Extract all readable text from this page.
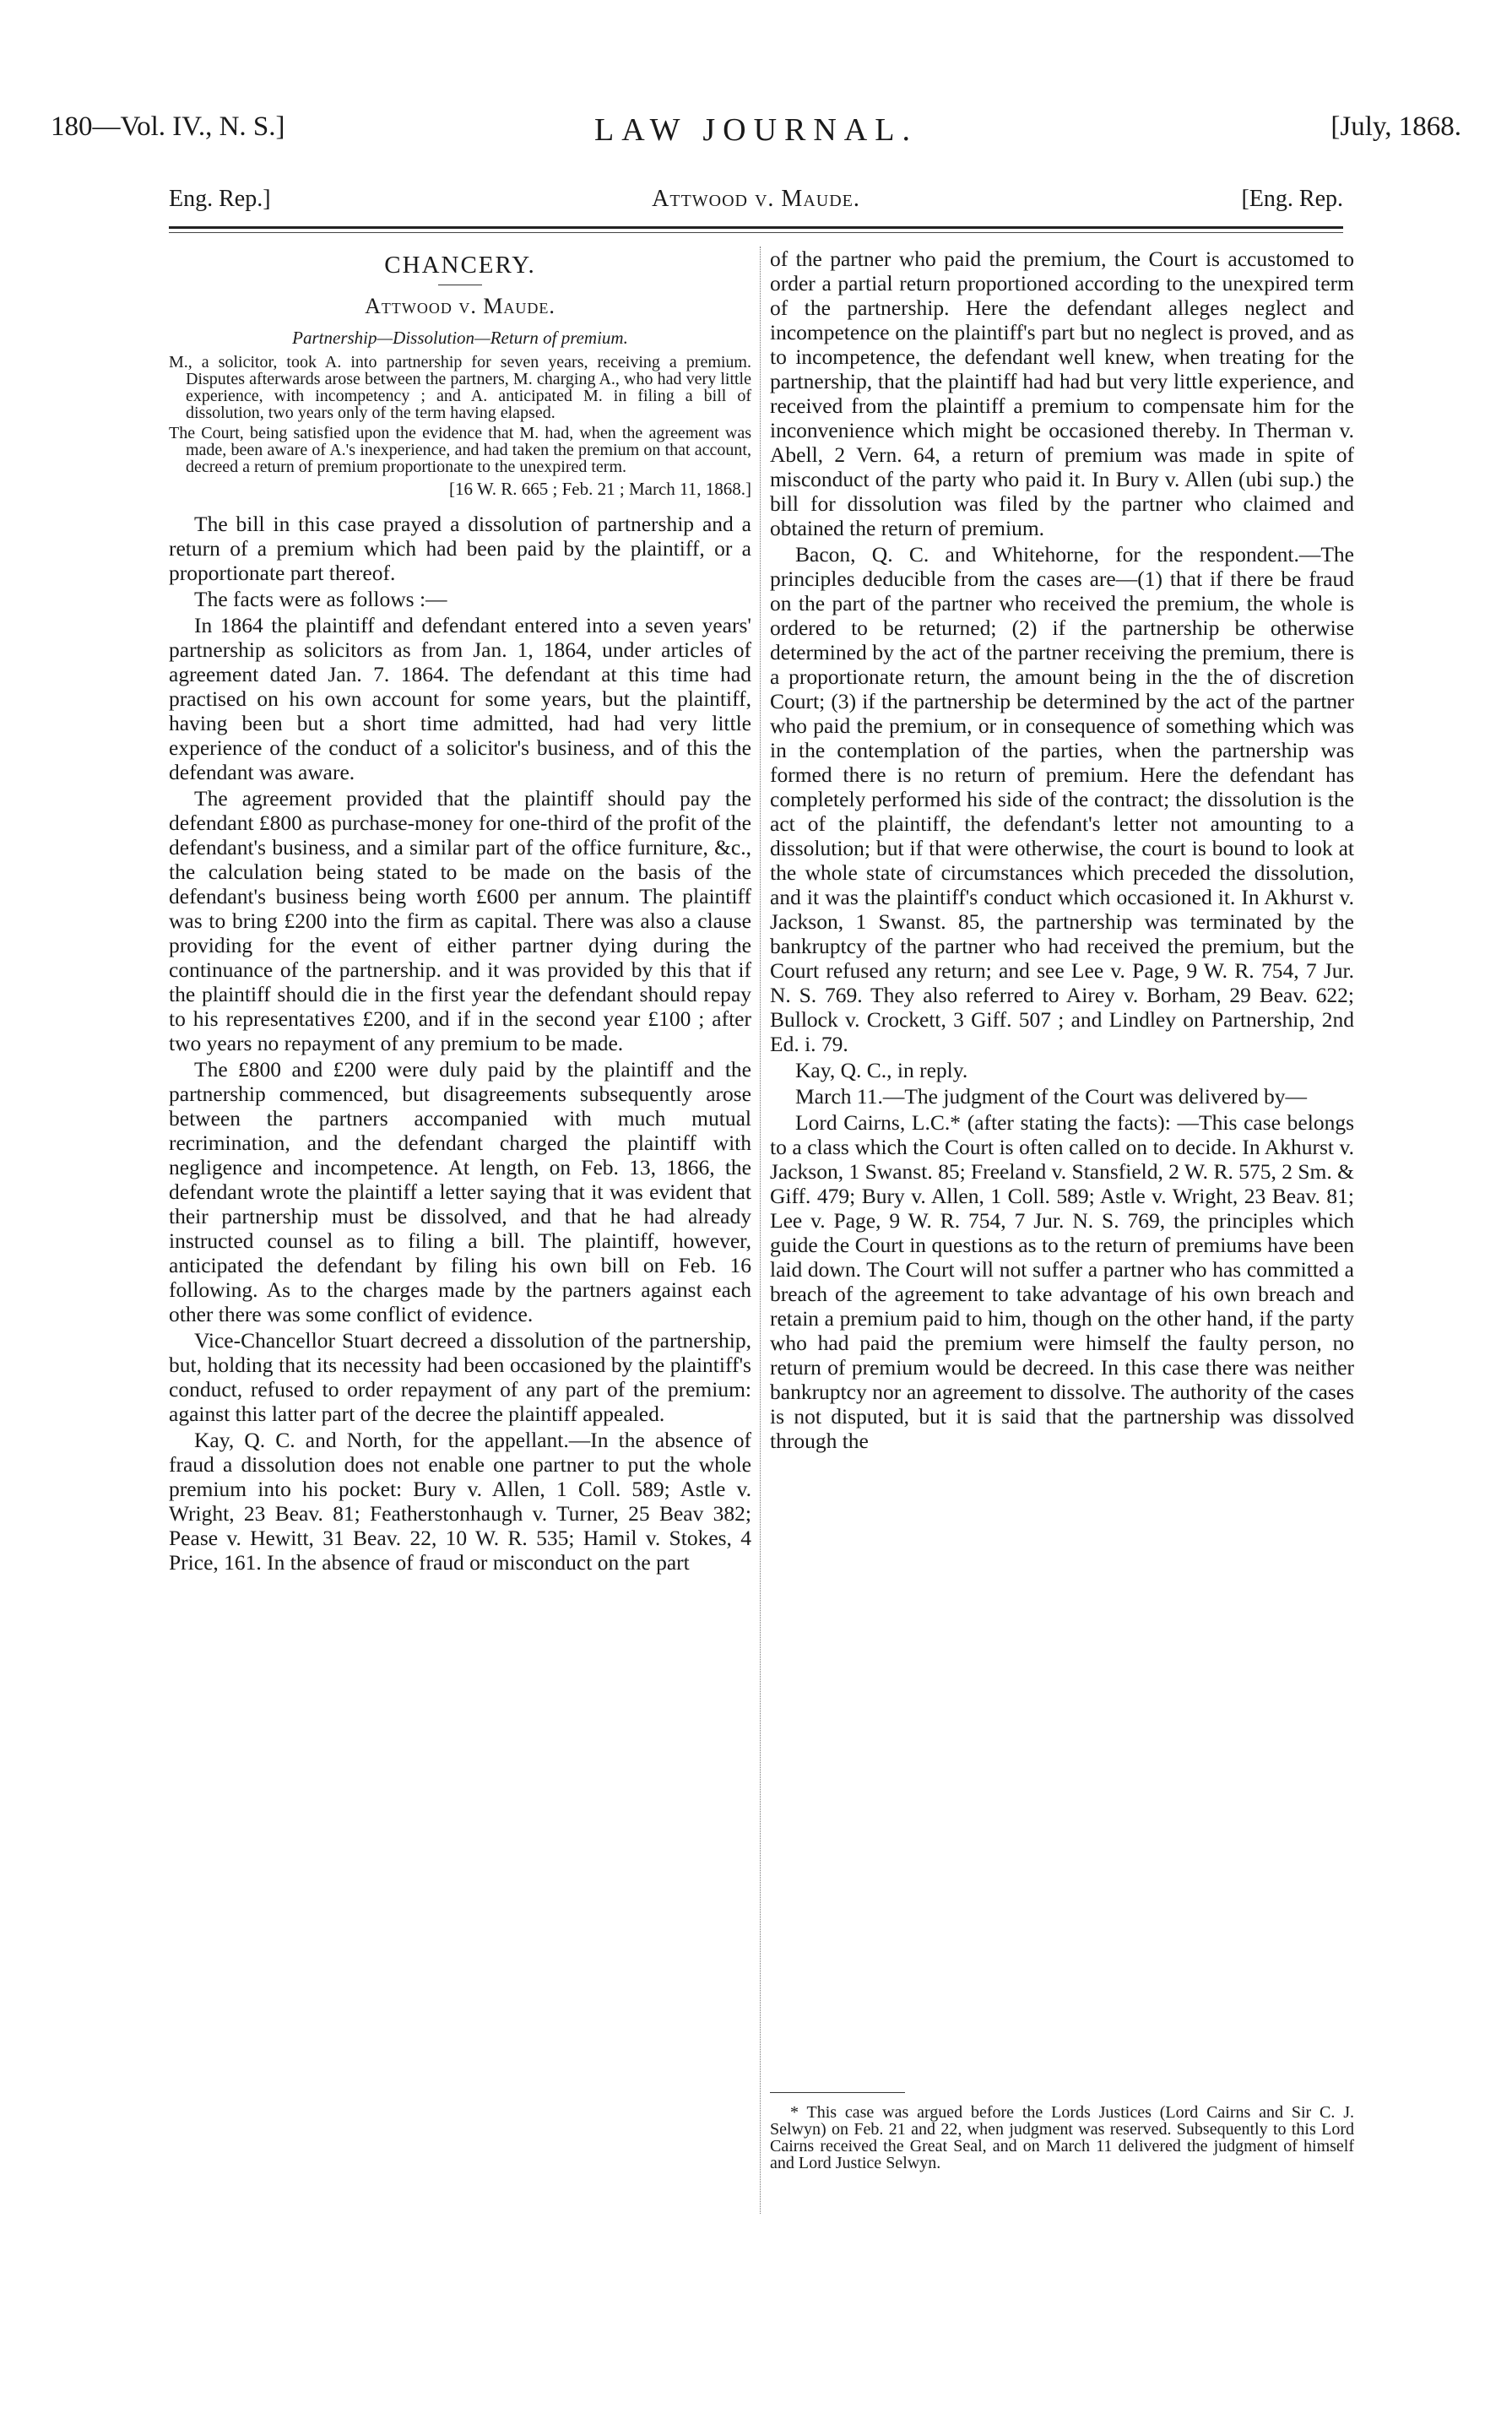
180—Vol. IV., N. S.]	LAW JOURNAL.	[July, 1868.
Eng. Rep.]	Attwood v. Maude.	[Eng. Rep.
CHANCERY.
Attwood v. Maude.
Partnership—Dissolution—Return of premium.

M., a solicitor, took A. into partnership for seven years, receiving a premium. Disputes afterwards arose between the partners, M. charging A., who had very little experience, with incompetency ; and A. anticipated M. in filing a bill of dissolution, two years only of the term having elapsed.

The Court, being satisfied upon the evidence that M. had, when the agreement was made, been aware of A.'s inexperience, and had taken the premium on that account, decreed a return of premium proportionate to the unexpired term.

[16 W. R. 665 ; Feb. 21 ; March 11, 1868.]

The bill in this case prayed a dissolution of partnership and a return of a premium which had been paid by the plaintiff, or a proportionate part thereof.

The facts were as follows :—

In 1864 the plaintiff and defendant entered into a seven years' partnership as solicitors as from Jan. 1, 1864, under articles of agreement dated Jan. 7. 1864. The defendant at this time had practised on his own account for some years, but the plaintiff, having been but a short time admitted, had had very little experience of the conduct of a solicitor's business, and of this the defendant was aware.

The agreement provided that the plaintiff should pay the defendant £800 as purchase-money for one-third of the profit of the defendant's business, and a similar part of the office furniture, &c., the calculation being stated to be made on the basis of the defendant's business being worth £600 per annum. The plaintiff was to bring £200 into the firm as capital. There was also a clause providing for the event of either partner dying during the continuance of the partnership. and it was provided by this that if the plaintiff should die in the first year the defendant should repay to his representatives £200, and if in the second year £100 ; after two years no repayment of any premium to be made.

The £800 and £200 were duly paid by the plaintiff and the partnership commenced, but disagreements subsequently arose between the partners accompanied with much mutual recrimination, and the defendant charged the plaintiff with negligence and incompetence. At length, on Feb. 13, 1866, the defendant wrote the plaintiff a letter saying that it was evident that their partnership must be dissolved, and that he had already instructed counsel as to filing a bill. The plaintiff, however, anticipated the defendant by filing his own bill on Feb. 16 following. As to the charges made by the partners against each other there was some conflict of evidence.

Vice-Chancellor Stuart decreed a dissolution of the partnership, but, holding that its necessity had been occasioned by the plaintiff's conduct, refused to order repayment of any part of the premium: against this latter part of the decree the plaintiff appealed.

Kay, Q. C. and North, for the appellant.—In the absence of fraud a dissolution does not enable one partner to put the whole premium into his pocket: Bury v. Allen, 1 Coll. 589; Astle v. Wright, 23 Beav. 81; Featherstonhaugh v. Turner, 25 Beav 382; Pease v. Hewitt, 31 Beav. 22, 10 W. R. 535; Hamil v. Stokes, 4 Price, 161. In the absence of fraud or misconduct on the part

of the partner who paid the premium, the Court is accustomed to order a partial return proportioned according to the unexpired term of the partnership. Here the defendant alleges neglect and incompetence on the plaintiff's part but no neglect is proved, and as to incompetence, the defendant well knew, when treating for the partnership, that the plaintiff had had but very little experience, and received from the plaintiff a premium to compensate him for the inconvenience which might be occasioned thereby. In Therman v. Abell, 2 Vern. 64, a return of premium was made in spite of misconduct of the party who paid it. In Bury v. Allen (ubi sup.) the bill for dissolution was filed by the partner who claimed and obtained the return of premium.

Bacon, Q. C. and Whitehorne, for the respondent.—The principles deducible from the cases are—(1) that if there be fraud on the part of the partner who received the premium, the whole is ordered to be returned; (2) if the partnership be otherwise determined by the act of the partner receiving the premium, there is a proportionate return, the amount being in the the of discretion Court; (3) if the partnership be determined by the act of the partner who paid the premium, or in consequence of something which was in the contemplation of the parties, when the partnership was formed there is no return of premium. Here the defendant has completely performed his side of the contract; the dissolution is the act of the plaintiff, the defendant's letter not amounting to a dissolution; but if that were otherwise, the court is bound to look at the whole state of circumstances which preceded the dissolution, and it was the plaintiff's conduct which occasioned it. In Akhurst v. Jackson, 1 Swanst. 85, the partnership was terminated by the bankruptcy of the partner who had received the premium, but the Court refused any return; and see Lee v. Page, 9 W. R. 754, 7 Jur. N. S. 769. They also referred to Airey v. Borham, 29 Beav. 622; Bullock v. Crockett, 3 Giff. 507 ; and Lindley on Partnership, 2nd Ed. i. 79.

Kay, Q. C., in reply.

March 11.—The judgment of the Court was delivered by—

Lord Cairns, L.C.* (after stating the facts): —This case belongs to a class which the Court is often called on to decide. In Akhurst v. Jackson, 1 Swanst. 85; Freeland v. Stansfield, 2 W. R. 575, 2 Sm. & Giff. 479; Bury v. Allen, 1 Coll. 589; Astle v. Wright, 23 Beav. 81; Lee v. Page, 9 W. R. 754, 7 Jur. N. S. 769, the principles which guide the Court in questions as to the return of premiums have been laid down. The Court will not suffer a partner who has committed a breach of the agreement to take advantage of his own breach and retain a premium paid to him, though on the other hand, if the party who had paid the premium were himself the faulty person, no return of premium would be decreed. In this case there was neither bankruptcy nor an agreement to dissolve. The authority of the cases is not disputed, but it is said that the partnership was dissolved through the

* This case was argued before the Lords Justices (Lord Cairns and Sir C. J. Selwyn) on Feb. 21 and 22, when judgment was reserved. Subsequently to this Lord Cairns received the Great Seal, and on March 11 delivered the judgment of himself and Lord Justice Selwyn.
